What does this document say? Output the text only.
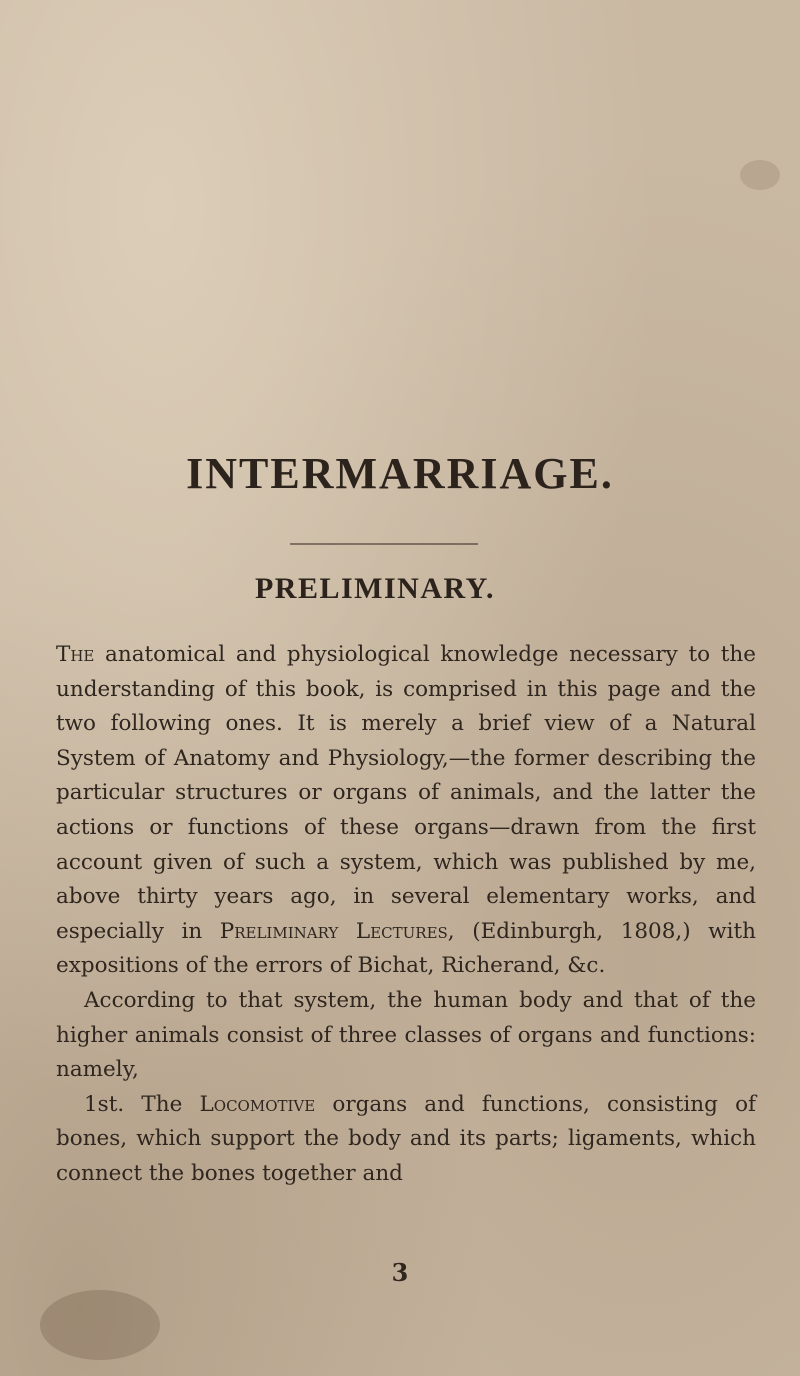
INTERMARRIAGE.
PRELIMINARY.

The anatomical and physiological knowledge necessary to the understanding of this book, is comprised in this page and the two following ones. It is merely a brief view of a Natural System of Anatomy and Physiology,—the former describing the particular structures or organs of animals, and the latter the actions or functions of these organs—drawn from the first account given of such a system, which was published by me, above thirty years ago, in several elementary works, and especially in Preliminary Lectures, (Edinburgh, 1808,) with expositions of the errors of Bichat, Richerand, &c.

According to that system, the human body and that of the higher animals consist of three classes of organs and functions: namely,

1st. The Locomotive organs and functions, consisting of bones, which support the body and its parts; ligaments, which connect the bones together and

3
